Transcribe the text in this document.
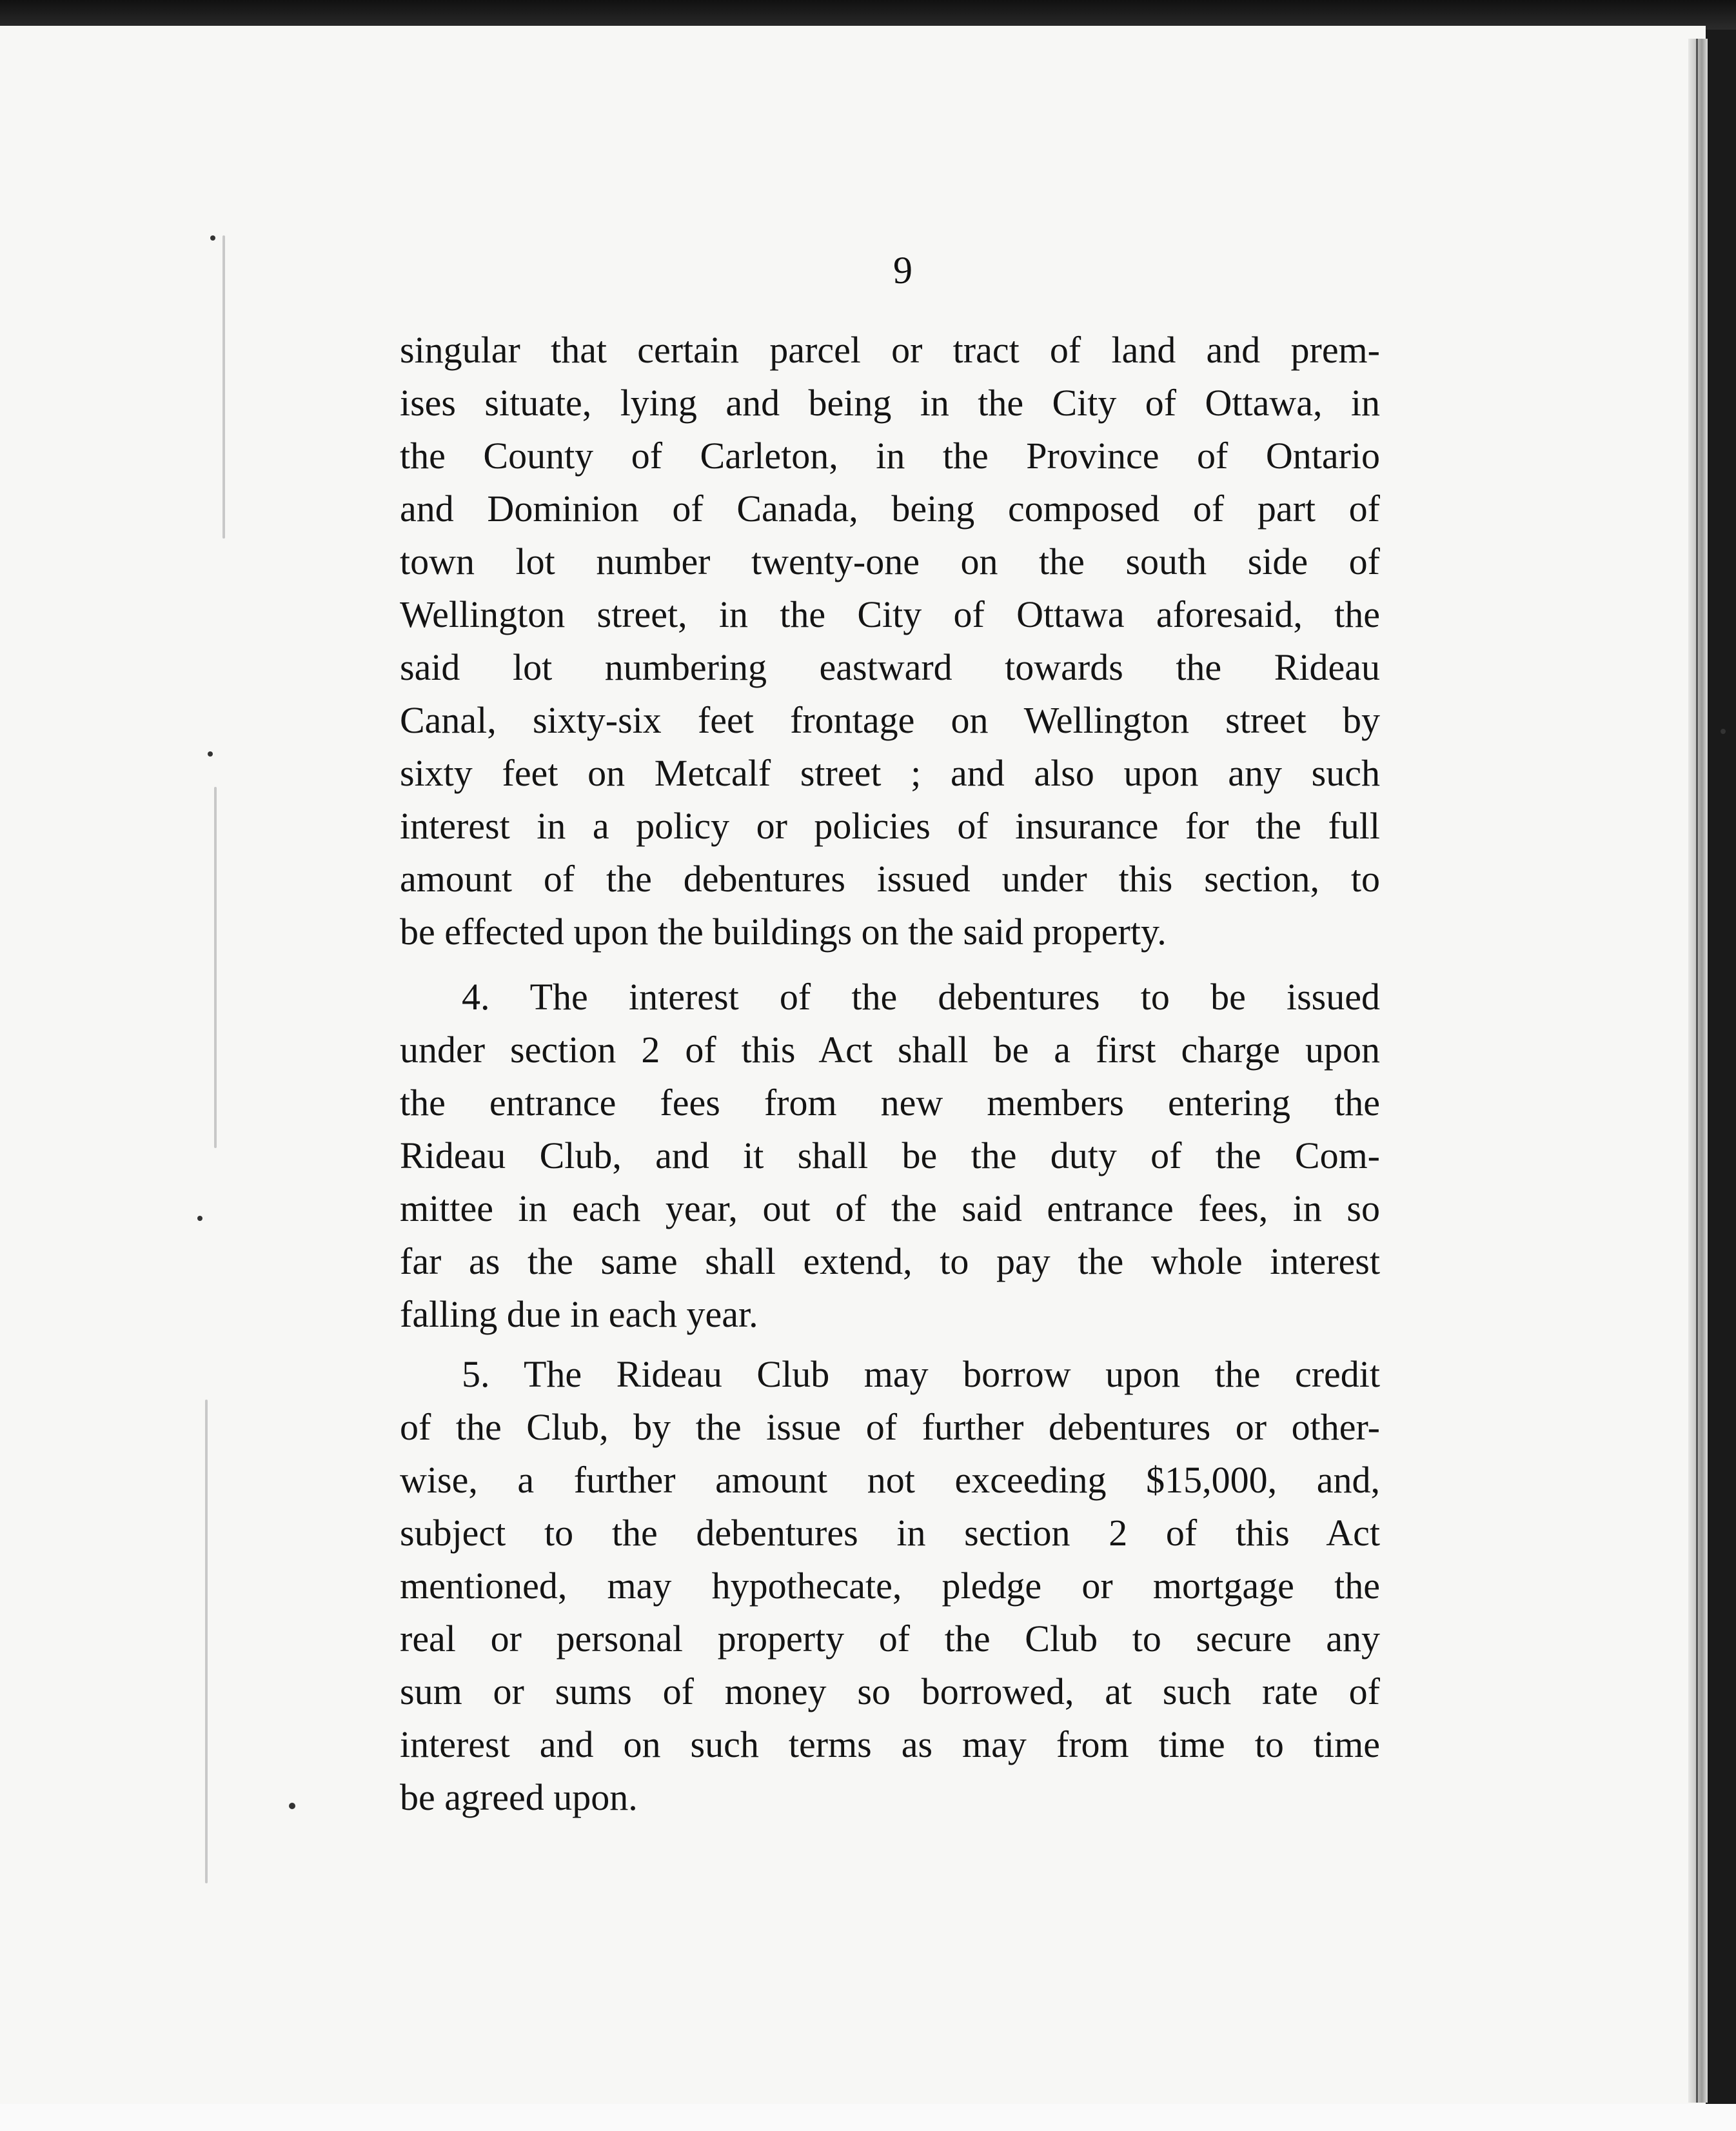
9
singular that certain parcel or tract of land and prem-
ises situate, lying and being in the City of Ottawa, in
the County of Carleton, in the Province of Ontario
and Dominion of Canada, being composed of part of
town lot number twenty-one on the south side of
Wellington street, in the City of Ottawa aforesaid, the
said lot numbering eastward towards the Rideau
Canal, sixty-six feet frontage on Wellington street by
sixty feet on Metcalf street ; and also upon any such
interest in a policy or policies of insurance for the full
amount of the debentures issued under this section, to
be effected upon the buildings on the said property.
4. The interest of the debentures to be issued
under section 2 of this Act shall be a first charge upon
the entrance fees from new members entering the
Rideau Club, and it shall be the duty of the Com-
mittee in each year, out of the said entrance fees, in so
far as the same shall extend, to pay the whole interest
falling due in each year.
5. The Rideau Club may borrow upon the credit
of the Club, by the issue of further debentures or other-
wise, a further amount not exceeding $15,000, and,
subject to the debentures in section 2 of this Act
mentioned, may hypothecate, pledge or mortgage the
real or personal property of the Club to secure any
sum or sums of money so borrowed, at such rate of
interest and on such terms as may from time to time
be agreed upon.
